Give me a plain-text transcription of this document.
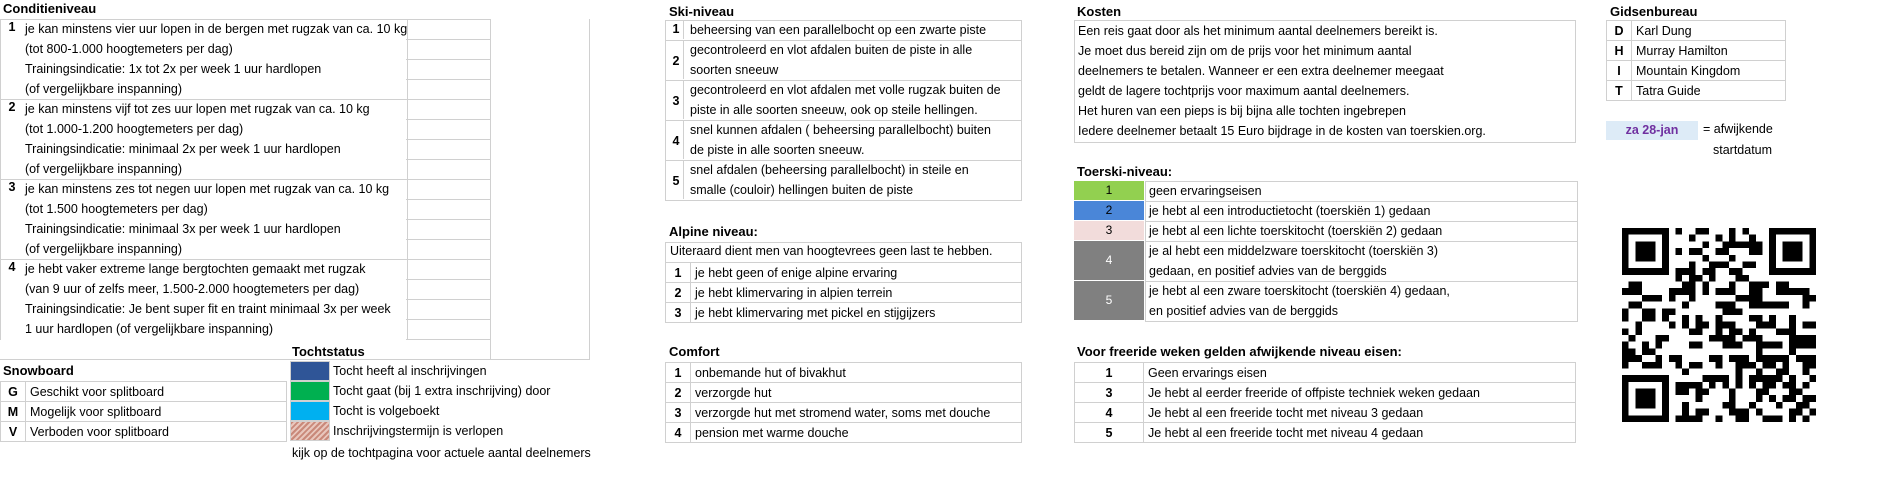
Conditieniveau
1 je kan minstens vier uur lopen in de bergen met rugzak van ca. 10 kg
(tot 800-1.000 hoogtemeters per dag)
Trainingsindicatie: 1x tot 2x per week 1 uur hardlopen
(of vergelijkbare inspanning)
2 je kan minstens vijf tot zes uur lopen met rugzak van ca. 10 kg
(tot 1.000-1.200 hoogtemeters per dag)
Trainingsindicatie: minimaal 2x per week 1 uur hardlopen
(of vergelijkbare inspanning)
3 je kan minstens zes tot negen uur lopen met rugzak van ca. 10 kg
(tot 1.500 hoogtemeters per dag)
Trainingsindicatie: minimaal 3x per week 1 uur hardlopen
(of vergelijkbare inspanning)
4 je hebt vaker extreme lange bergtochten gemaakt met rugzak
(van 9 uur of zelfs meer, 1.500-2.000 hoogtemeters per dag)
Trainingsindicatie: Je bent super fit en traint minimaal 3x per week
1 uur hardlopen (of vergelijkbare inspanning)
Snowboard
G	Geschikt voor splitboard
M	Mogelijk voor splitboard
V	Verboden voor splitboard
Tochtstatus
Tocht heeft al inschrijvingen
Tocht gaat (bij 1 extra inschrijving) door
Tocht is volgeboekt
Inschrijvingstermijn is verlopen
kijk op de tochtpagina voor actuele aantal deelnemers
Ski-niveau
1 beheersing van een parallelbocht op een zwarte piste
2
gecontroleerd en vlot afdalen buiten de piste in alle
soorten sneeuw
3
gecontroleerd en vlot afdalen met volle rugzak buiten de
piste in alle soorten sneeuw, ook op steile hellingen.
4
snel kunnen afdalen ( beheersing parallelbocht) buiten
de piste in alle soorten sneeuw.
5
snel afdalen (beheersing parallelbocht) in steile en
smalle (couloir) hellingen buiten de piste
Alpine niveau:
Uiteraard dient men van hoogtevrees geen last te hebben.
1	je hebt geen of enige alpine ervaring
2	je hebt klimervaring in alpien terrein
3	je hebt klimervaring met pickel en stijgijzers
Comfort
1	onbemande hut of bivakhut
2	verzorgde hut
3	verzorgde hut met stromend water, soms met douche
4	pension met warme douche
Kosten
Een reis gaat door als het minimum aantal deelnemers bereikt is.
Je moet dus bereid zijn om de prijs voor het minimum aantal
deelnemers te betalen. Wanneer er een extra deelnemer meegaat
geldt de lagere tochtprijs voor maximum aantal deelnemers.
Het huren van een pieps is bij bijna alle tochten ingebrepen
Iedere deelnemer betaalt 15 Euro bijdrage in de kosten van toerskien.org.
Toerski-niveau:
1	geen ervaringseisen
2	je hebt al een introductietocht (toerskiën 1) gedaan
3	je hebt al een lichte toerskitocht (toerskiën 2) gedaan
4
je al hebt een middelzware toerskitocht (toerskiën 3)
gedaan, en positief advies van de berggids
5
je hebt al een zware toerskitocht (toerskiën 4) gedaan,
en positief advies van de berggids
Voor freeride weken gelden afwijkende niveau eisen:
1	Geen ervarings eisen
3	Je hebt al eerder freeride of offpiste techniek weken gedaan
4	Je hebt al een freeride tocht met niveau 3 gedaan
5	Je hebt al een freeride tocht met niveau 4 gedaan
Gidsenbureau
D	Karl Dung
H	Murray Hamilton
I	Mountain Kingdom
T	Tatra Guide
za 28-jan	= afwijkende
startdatum
